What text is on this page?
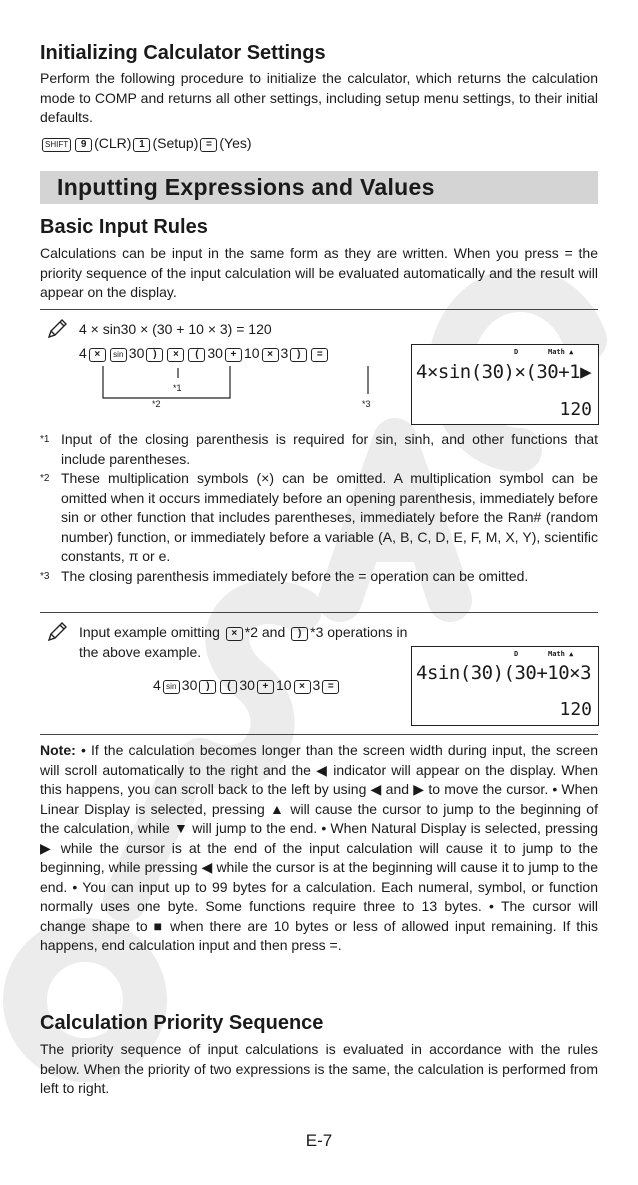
Initializing Calculator Settings
Perform the following procedure to initialize the calculator, which returns the calculation mode to COMP and returns all other settings, including setup menu settings, to their initial defaults.
SHIFT 9 (CLR) 1 (Setup) = (Yes)
Inputting Expressions and Values
Basic Input Rules
Calculations can be input in the same form as they are written. When you press = the priority sequence of the input calculation will be evaluated automatically and the result will appear on the display.
4 × sin30 × (30 + 10 × 3) = 120
4 × sin 30 ) × ( 30 + 10 × 3 ) =
*1
*2	*3
D	Math ▲
4×sin(30)×(30+1▶
120
*1 Input of the closing parenthesis is required for sin, sinh, and other functions that include parentheses.
*2 These multiplication symbols (×) can be omitted. A multiplication symbol can be omitted when it occurs immediately before an opening parenthesis, immediately before sin or other function that includes parentheses, immediately before the Ran# (random number) function, or immediately before a variable (A, B, C, D, E, F, M, X, Y), scientific constants, π or e.
*3 The closing parenthesis immediately before the = operation can be omitted.
Input example omitting × *2 and ) *3 operations in the above example.
4 sin 30 ) ( 30 + 10 × 3 =
D	Math ▲
4sin(30)(30+10×3
120
Note: • If the calculation becomes longer than the screen width during input, the screen will scroll automatically to the right and the ◀ indicator will appear on the display. When this happens, you can scroll back to the left by using ◀ and ▶ to move the cursor. • When Linear Display is selected, pressing ▲ will cause the cursor to jump to the beginning of the calculation, while ▼ will jump to the end. • When Natural Display is selected, pressing ▶ while the cursor is at the end of the input calculation will cause it to jump to the beginning, while pressing ◀ while the cursor is at the beginning will cause it to jump to the end. • You can input up to 99 bytes for a calculation. Each numeral, symbol, or function normally uses one byte. Some functions require three to 13 bytes. • The cursor will change shape to ■ when there are 10 bytes or less of allowed input remaining. If this happens, end calculation input and then press =.
Calculation Priority Sequence
The priority sequence of input calculations is evaluated in accordance with the rules below. When the priority of two expressions is the same, the calculation is performed from left to right.
E-7
